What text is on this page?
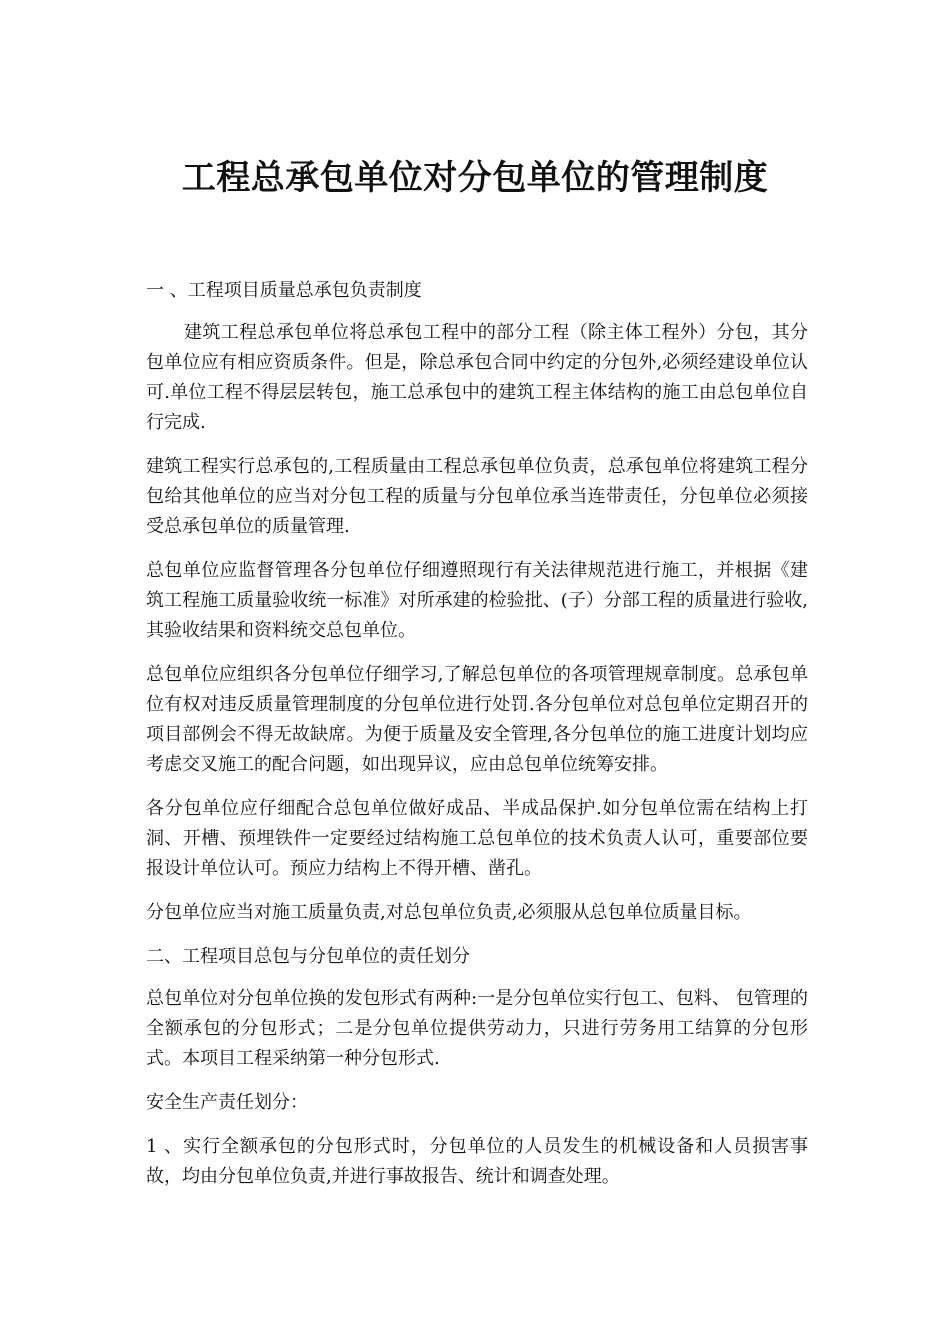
工程总承包单位对分包单位的管理制度

一 、工程项目质量总承包负责制度

建筑工程总承包单位将总承包工程中的部分工程（除主体工程外）分包，其分包单位应有相应资质条件。但是，除总承包合同中约定的分包外,必须经建设单位认可.单位工程不得层层转包，施工总承包中的建筑工程主体结构的施工由总包单位自行完成.

建筑工程实行总承包的,工程质量由工程总承包单位负责，总承包单位将建筑工程分包给其他单位的应当对分包工程的质量与分包单位承当连带责任，分包单位必须接受总承包单位的质量管理.

总包单位应监督管理各分包单位仔细遵照现行有关法律规范进行施工，并根据《建筑工程施工质量验收统一标准》对所承建的检验批、(子）分部工程的质量进行验收,其验收结果和资料统交总包单位。

总包单位应组织各分包单位仔细学习,了解总包单位的各项管理规章制度。总承包单位有权对违反质量管理制度的分包单位进行处罚.各分包单位对总包单位定期召开的项目部例会不得无故缺席。为便于质量及安全管理,各分包单位的施工进度计划均应考虑交叉施工的配合问题，如出现异议，应由总包单位统筹安排。

各分包单位应仔细配合总包单位做好成品、半成品保护.如分包单位需在结构上打洞、开槽、预埋铁件一定要经过结构施工总包单位的技术负责人认可，重要部位要报设计单位认可。预应力结构上不得开槽、凿孔。

分包单位应当对施工质量负责,对总包单位负责,必须服从总包单位质量目标。

二、工程项目总包与分包单位的责任划分

总包单位对分包单位换的发包形式有两种:一是分包单位实行包工、包料、 包管理的全额承包的分包形式；二是分包单位提供劳动力，只进行劳务用工结算的分包形式。本项目工程采纳第一种分包形式.

安全生产责任划分：

1 、实行全额承包的分包形式时，分包单位的人员发生的机械设备和人员损害事故，均由分包单位负责,并进行事故报告、统计和调查处理。
